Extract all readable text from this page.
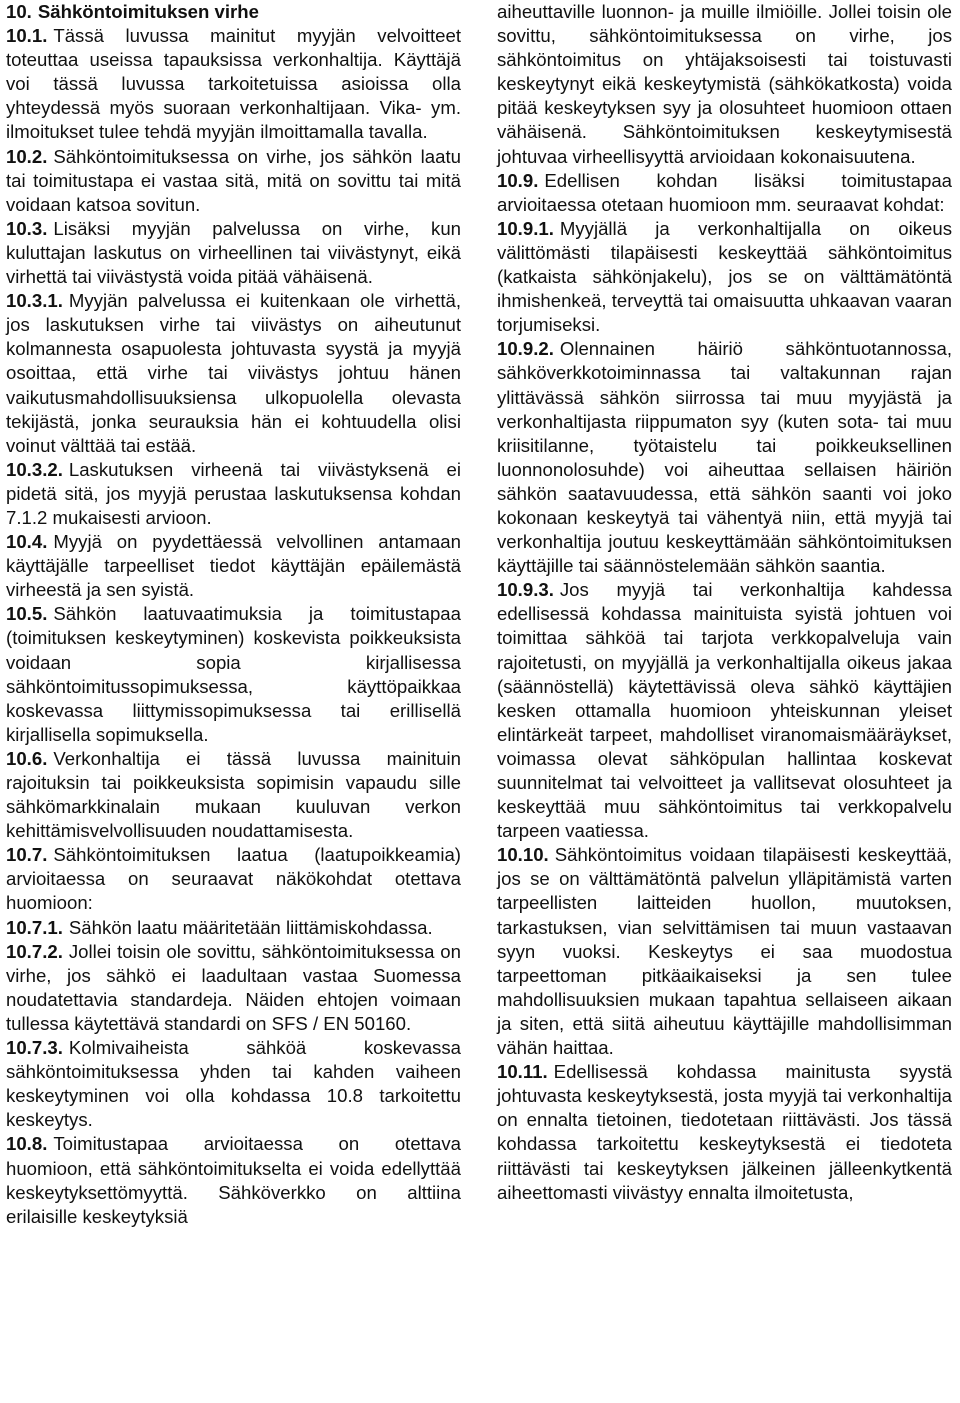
10. Sähköntoimituksen virhe

10.1. Tässä luvussa mainitut myyjän velvoitteet toteuttaa useissa tapauksissa verkonhaltija. Käyttäjä voi tässä luvussa tarkoitetuissa asioissa olla yhteydessä myös suoraan verkonhaltijaan. Vika- ym. ilmoitukset tulee tehdä myyjän ilmoittamalla tavalla.

10.2. Sähköntoimituksessa on virhe, jos sähkön laatu tai toimitustapa ei vastaa sitä, mitä on sovittu tai mitä voidaan katsoa sovitun.

10.3. Lisäksi myyjän palvelussa on virhe, kun kuluttajan laskutus on virheellinen tai viivästynyt, eikä virhettä tai viivästystä voida pitää vähäisenä.

10.3.1. Myyjän palvelussa ei kuitenkaan ole virhettä, jos laskutuksen virhe tai viivästys on aiheutunut kolmannesta osapuolesta johtuvasta syystä ja myyjä osoittaa, että virhe tai viivästys johtuu hänen vaikutusmahdollisuuksiensa ulkopuolella olevasta tekijästä, jonka seurauksia hän ei kohtuudella olisi voinut välttää tai estää.

10.3.2. Laskutuksen virheenä tai viivästyksenä ei pidetä sitä, jos myyjä perustaa laskutuksensa kohdan 7.1.2 mukaisesti arvioon.

10.4. Myyjä on pyydettäessä velvollinen antamaan käyttäjälle tarpeelliset tiedot käyttäjän epäilemästä virheestä ja sen syistä.

10.5. Sähkön laatuvaatimuksia ja toimitustapaa (toimituksen keskeytyminen) koskevista poikkeuksista voidaan sopia kirjallisessa sähköntoimitussopimuksessa, käyttöpaikkaa koskevassa liittymissopimuksessa tai erillisellä kirjallisella sopimuksella.

10.6. Verkonhaltija ei tässä luvussa mainituin rajoituksin tai poikkeuksista sopimisin vapaudu sille sähkömarkkinalain mukaan kuuluvan verkon kehittämisvelvollisuuden noudattamisesta.

10.7. Sähköntoimituksen laatua (laatupoikkeamia) arvioitaessa on seuraavat näkökohdat otettava huomioon:

10.7.1. Sähkön laatu määritetään liittämiskohdassa.

10.7.2. Jollei toisin ole sovittu, sähköntoimituksessa on virhe, jos sähkö ei laadultaan vastaa Suomessa noudatettavia standardeja. Näiden ehtojen voimaan tullessa käytettävä standardi on SFS / EN 50160.

10.7.3. Kolmivaiheista sähköä koskevassa sähköntoimituksessa yhden tai kahden vaiheen keskeytyminen voi olla kohdassa 10.8 tarkoitettu keskeytys.

10.8. Toimitustapaa arvioitaessa on otettava huomioon, että sähköntoimitukselta ei voida edellyttää keskeytyksettömyyttä. Sähköverkko on alttiina erilaisille keskeytyksiä

aiheuttaville luonnon- ja muille ilmiöille. Jollei toisin ole sovittu, sähköntoimituksessa on virhe, jos sähköntoimitus on yhtäjaksoisesti tai toistuvasti keskeytynyt eikä keskeytymistä (sähkökatkosta) voida pitää keskeytyksen syy ja olosuhteet huomioon ottaen vähäisenä. Sähköntoimituksen keskeytymisestä johtuvaa virheellisyyttä arvioidaan kokonaisuutena.

10.9. Edellisen kohdan lisäksi toimitustapaa arvioitaessa otetaan huomioon mm. seuraavat kohdat:

10.9.1. Myyjällä ja verkonhaltijalla on oikeus välittömästi tilapäisesti keskeyttää sähköntoimitus (katkaista sähkönjakelu), jos se on välttämätöntä ihmishenkeä, terveyttä tai omaisuutta uhkaavan vaaran torjumiseksi.

10.9.2. Olennainen häiriö sähköntuotannossa, sähköverkkotoiminnassa tai valtakunnan rajan ylittävässä sähkön siirrossa tai muu myyjästä ja verkonhaltijasta riippumaton syy (kuten sota- tai muu kriisitilanne, työtaistelu tai poikkeuksellinen luonnonolosuhde) voi aiheuttaa sellaisen häiriön sähkön saatavuudessa, että sähkön saanti voi joko kokonaan keskeytyä tai vähentyä niin, että myyjä tai verkonhaltija joutuu keskeyttämään sähköntoimituksen käyttäjille tai säännöstelemään sähkön saantia.

10.9.3. Jos myyjä tai verkonhaltija kahdessa edellisessä kohdassa mainituista syistä johtuen voi toimittaa sähköä tai tarjota verkkopalveluja vain rajoitetusti, on myyjällä ja verkonhaltijalla oikeus jakaa (säännöstellä) käytettävissä oleva sähkö käyttäjien kesken ottamalla huomioon yhteiskunnan yleiset elintärkeät tarpeet, mahdolliset viranomaismääräykset, voimassa olevat sähköpulan hallintaa koskevat suunnitelmat tai velvoitteet ja vallitsevat olosuhteet ja keskeyttää muu sähköntoimitus tai verkkopalvelu tarpeen vaatiessa.

10.10. Sähköntoimitus voidaan tilapäisesti keskeyttää, jos se on välttämätöntä palvelun ylläpitämistä varten tarpeellisten laitteiden huollon, muutoksen, tarkastuksen, vian selvittämisen tai muun vastaavan syyn vuoksi. Keskeytys ei saa muodostua tarpeettoman pitkäaikaiseksi ja sen tulee mahdollisuuksien mukaan tapahtua sellaiseen aikaan ja siten, että siitä aiheutuu käyttäjille mahdollisimman vähän haittaa.

10.11. Edellisessä kohdassa mainitusta syystä johtuvasta keskeytyksestä, josta myyjä tai verkonhaltija on ennalta tietoinen, tiedotetaan riittävästi. Jos tässä kohdassa tarkoitettu keskeytyksestä ei tiedoteta riittävästi tai keskeytyksen jälkeinen jälleenkytkentä aiheettomasti viivästyy ennalta ilmoitetusta,
